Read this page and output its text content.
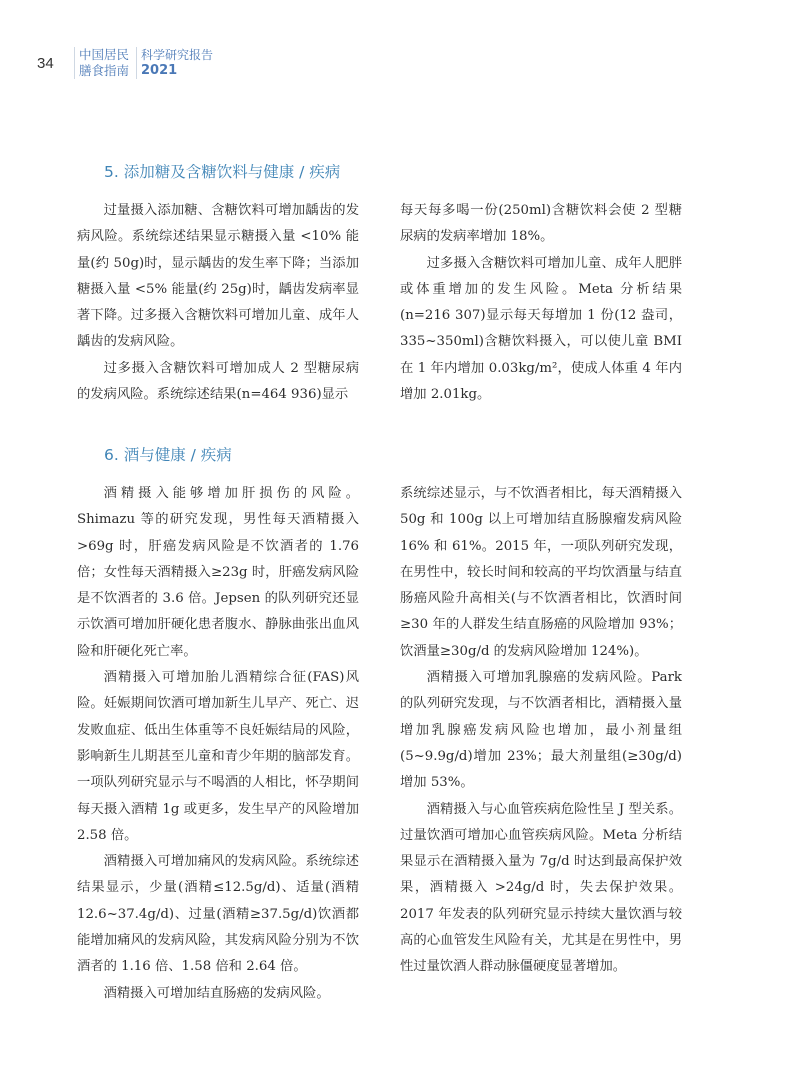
34
中国居民
膳食指南
科学研究报告
2021
5. 添加糖及含糖饮料与健康 / 疾病

过量摄入添加糖、含糖饮料可增加龋齿的发病风险。系统综述结果显示糖摄入量 <10% 能量(约 50g)时，显示龋齿的发生率下降；当添加糖摄入量 <5% 能量(约 25g)时，龋齿发病率显著下降。过多摄入含糖饮料可增加儿童、成年人龋齿的发病风险。

过多摄入含糖饮料可增加成人 2 型糖尿病的发病风险。系统综述结果(n=464 936)显示

每天每多喝一份(250ml)含糖饮料会使 2 型糖尿病的发病率增加 18%。

过多摄入含糖饮料可增加儿童、成年人肥胖或体重增加的发生风险。Meta 分析结果(n=216 307)显示每天每增加 1 份(12 盎司，335~350ml)含糖饮料摄入，可以使儿童 BMI 在 1 年内增加 0.03kg/m²，使成人体重 4 年内增加 2.01kg。

6. 酒与健康 / 疾病

酒精摄入能够增加肝损伤的风险。Shimazu 等的研究发现，男性每天酒精摄入 >69g 时，肝癌发病风险是不饮酒者的 1.76 倍；女性每天酒精摄入≥23g 时，肝癌发病风险是不饮酒者的 3.6 倍。Jepsen 的队列研究还显示饮酒可增加肝硬化患者腹水、静脉曲张出血风险和肝硬化死亡率。

酒精摄入可增加胎儿酒精综合征(FAS)风险。妊娠期间饮酒可增加新生儿早产、死亡、迟发败血症、低出生体重等不良妊娠结局的风险，影响新生儿期甚至儿童和青少年期的脑部发育。一项队列研究显示与不喝酒的人相比，怀孕期间每天摄入酒精 1g 或更多，发生早产的风险增加 2.58 倍。

酒精摄入可增加痛风的发病风险。系统综述结果显示，少量(酒精≤12.5g/d)、适量(酒精 12.6~37.4g/d)、过量(酒精≥37.5g/d)饮酒都能增加痛风的发病风险，其发病风险分别为不饮酒者的 1.16 倍、1.58 倍和 2.64 倍。

酒精摄入可增加结直肠癌的发病风险。

系统综述显示，与不饮酒者相比，每天酒精摄入 50g 和 100g 以上可增加结直肠腺瘤发病风险 16% 和 61%。2015 年，一项队列研究发现，在男性中，较长时间和较高的平均饮酒量与结直肠癌风险升高相关(与不饮酒者相比，饮酒时间≥30 年的人群发生结直肠癌的风险增加 93%；饮酒量≥30g/d 的发病风险增加 124%)。

酒精摄入可增加乳腺癌的发病风险。Park 的队列研究发现，与不饮酒者相比，酒精摄入量增加乳腺癌发病风险也增加，最小剂量组(5~9.9g/d)增加 23%；最大剂量组(≥30g/d)增加 53%。

酒精摄入与心血管疾病危险性呈 J 型关系。过量饮酒可增加心血管疾病风险。Meta 分析结果显示在酒精摄入量为 7g/d 时达到最高保护效果，酒精摄入 >24g/d 时，失去保护效果。2017 年发表的队列研究显示持续大量饮酒与较高的心血管发生风险有关，尤其是在男性中，男性过量饮酒人群动脉僵硬度显著增加。
